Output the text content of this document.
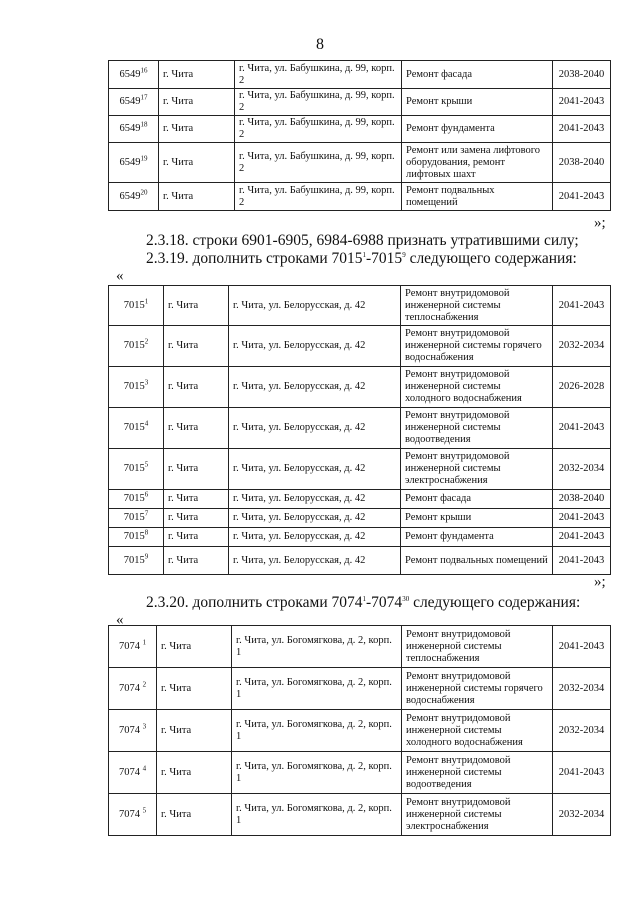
8
6549$^{16}$	г. Чита	г. Чита, ул. Бабушкина, д. 99, корп. 2	Ремонт фасада	2038-2040
6549$^{17}$	г. Чита	г. Чита, ул. Бабушкина, д. 99, корп. 2	Ремонт крыши	2041-2043
6549$^{18}$	г. Чита	г. Чита, ул. Бабушкина, д. 99, корп. 2	Ремонт фундамента	2041-2043
6549$^{19}$	г. Чита	г. Чита, ул. Бабушкина, д. 99, корп. 2	Ремонт или замена лифтового оборудования, ремонт лифтовых шахт	2038-2040
6549$^{20}$	г. Чита	г. Чита, ул. Бабушкина, д. 99, корп. 2	Ремонт подвальных помещений	2041-2043
»;
2.3.18. строки 6901-6905, 6984-6988 признать утратившими силу;
2.3.19. дополнить строками 7015$^1$-7015$^9$ следующего содержания:
«
7015$^1$	г. Чита	г. Чита, ул. Белорусская, д. 42	Ремонт внутридомовой инженерной системы теплоснабжения	2041-2043
7015$^2$	г. Чита	г. Чита, ул. Белорусская, д. 42	Ремонт внутридомовой инженерной системы горячего водоснабжения	2032-2034
7015$^3$	г. Чита	г. Чита, ул. Белорусская, д. 42	Ремонт внутридомовой инженерной системы холодного водоснабжения	2026-2028
7015$^4$	г. Чита	г. Чита, ул. Белорусская, д. 42	Ремонт внутридомовой инженерной системы водоотведения	2041-2043
7015$^5$	г. Чита	г. Чита, ул. Белорусская, д. 42	Ремонт внутридомовой инженерной системы электроснабжения	2032-2034
7015$^6$	г. Чита	г. Чита, ул. Белорусская, д. 42	Ремонт фасада	2038-2040
7015$^7$	г. Чита	г. Чита, ул. Белорусская, д. 42	Ремонт крыши	2041-2043
7015$^8$	г. Чита	г. Чита, ул. Белорусская, д. 42	Ремонт фундамента	2041-2043
7015$^9$	г. Чита	г. Чита, ул. Белорусская, д. 42	Ремонт подвальных помещений	2041-2043
»;
2.3.20. дополнить строками 7074$^1$-7074$^{30}$ следующего содержания:
«
7074 $^1$	г. Чита	г. Чита, ул. Богомягкова, д. 2, корп. 1	Ремонт внутридомовой инженерной системы теплоснабжения	2041-2043
7074 $^2$	г. Чита	г. Чита, ул. Богомягкова, д. 2, корп. 1	Ремонт внутридомовой инженерной системы горячего водоснабжения	2032-2034
7074 $^3$	г. Чита	г. Чита, ул. Богомягкова, д. 2, корп. 1	Ремонт внутридомовой инженерной системы холодного водоснабжения	2032-2034
7074 $^4$	г. Чита	г. Чита, ул. Богомягкова, д. 2, корп. 1	Ремонт внутридомовой инженерной системы водоотведения	2041-2043
7074 $^5$	г. Чита	г. Чита, ул. Богомягкова, д. 2, корп. 1	Ремонт внутридомовой инженерной системы электроснабжения	2032-2034
